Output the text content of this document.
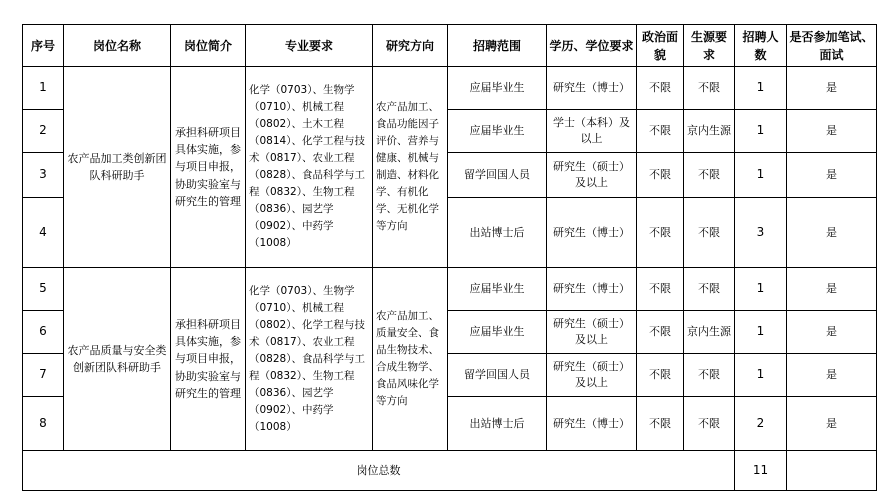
序号	岗位名称	岗位简介	专业要求	研究方向	招聘范围	学历、学位要求	政治面貌	生源要求	招聘人数	是否参加笔试、面试
1	农产品加工类创新团队科研助手	承担科研项目具体实施，参与项目申报，协助实验室与研究生的管理	化学（0703）、生物学（0710）、机械工程（0802）、土木工程（0814）、化学工程与技术（0817）、农业工程（0828）、食品科学与工程（0832）、生物工程（0836）、园艺学（0902）、中药学（1008）	农产品加工、食品功能因子评价、营养与健康、机械与制造、材料化学、有机化学、无机化学等方向	应届毕业生	研究生（博士）	不限	不限	1	是
2					应届毕业生	学士（本科）及以上	不限	京内生源	1	是
3					留学回国人员	研究生（硕士）及以上	不限	不限	1	是
4					出站博士后	研究生（博士）	不限	不限	3	是
5	农产品质量与安全类创新团队科研助手	承担科研项目具体实施，参与项目申报，协助实验室与研究生的管理	化学（0703）、生物学（0710）、机械工程（0802）、化学工程与技术（0817）、农业工程（0828）、食品科学与工程（0832）、生物工程（0836）、园艺学（0902）、中药学（1008）	农产品加工、质量安全、食品生物技术、合成生物学、食品风味化学等方向	应届毕业生	研究生（博士）	不限	不限	1	是
6					应届毕业生	研究生（硕士）及以上	不限	京内生源	1	是
7					留学回国人员	研究生（硕士）及以上	不限	不限	1	是
8					出站博士后	研究生（博士）	不限	不限	2	是
岗位总数									11	
